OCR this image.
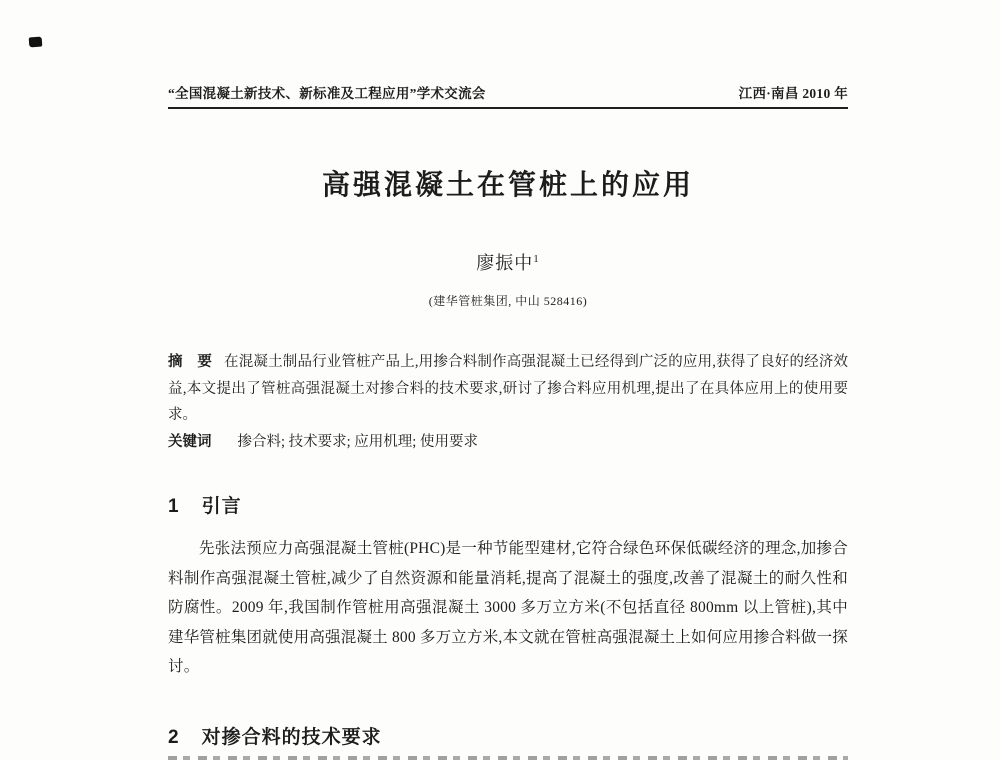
“全国混凝土新技术、新标准及工程应用”学术交流会	江西·南昌 2010 年
高强混凝土在管桩上的应用
廖振中$^1$
(建华管桩集团, 中山 528416)
摘　要 在混凝土制品行业管桩产品上,用掺合料制作高强混凝土已经得到广泛的应用,获得了良好的经济效益,本文提出了管桩高强混凝土对掺合料的技术要求,研讨了掺合料应用机理,提出了在具体应用上的使用要求。
关键词 掺合料; 技术要求; 应用机理; 使用要求
1 引言
先张法预应力高强混凝土管桩(PHC)是一种节能型建材,它符合绿色环保低碳经济的理念,加掺合料制作高强混凝土管桩,减少了自然资源和能量消耗,提高了混凝土的强度,改善了混凝土的耐久性和防腐性。2009 年,我国制作管桩用高强混凝土 3000 多万立方米(不包括直径 800mm 以上管桩),其中建华管桩集团就使用高强混凝土 800 多万立方米,本文就在管桩高强混凝土上如何应用掺合料做一探讨。
2 对掺合料的技术要求
